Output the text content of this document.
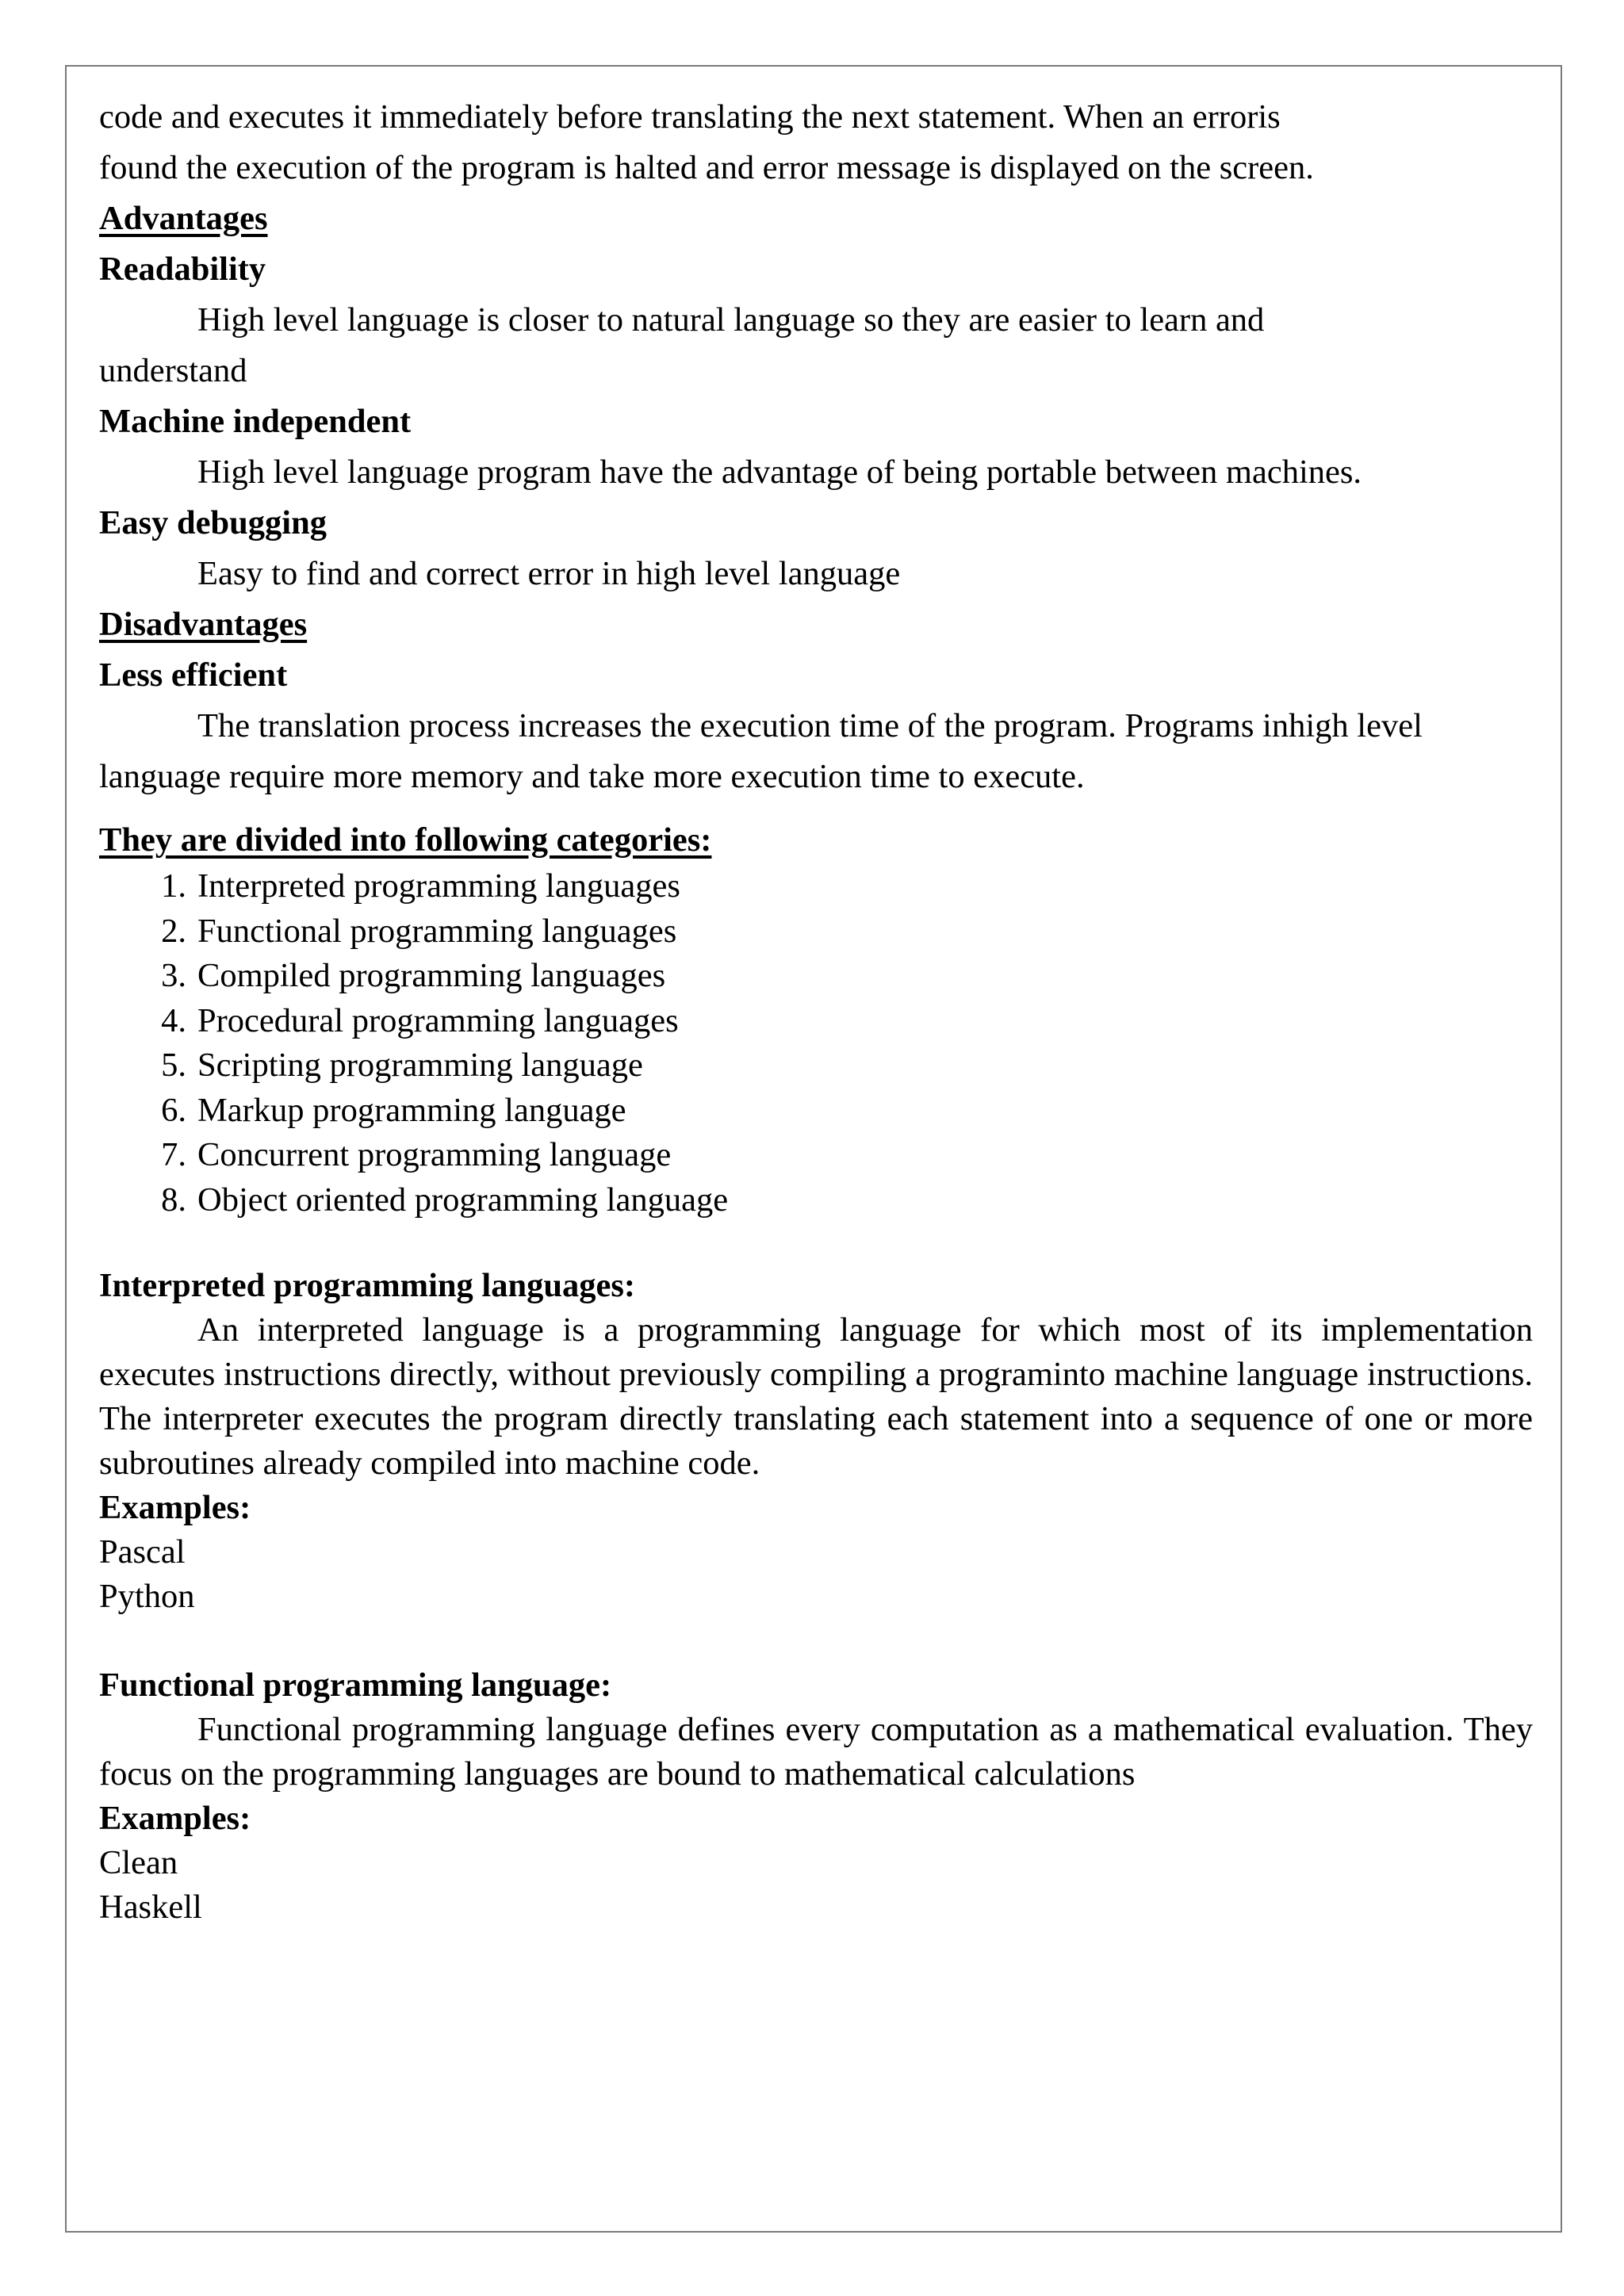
code and executes it immediately before translating the next statement. When an erroris

found the execution of the program is halted and error message is displayed on the screen.

Advantages

Readability

High level language is closer to natural language so they are easier to learn and understand

Machine independent

High level language program have the advantage of being portable between machines.

Easy debugging

Easy to find and correct error in high level language

Disadvantages

Less efficient

The translation process increases the execution time of the program. Programs inhigh level language require more memory and take more execution time to execute.

They are divided into following categories:

1. Interpreted programming languages
2. Functional programming languages
3. Compiled programming languages
4. Procedural programming languages
5. Scripting programming language
6. Markup programming language
7. Concurrent programming language
8. Object oriented programming language

Interpreted programming languages:

An interpreted language is a programming language for which most of its implementation executes instructions directly, without previously compiling a programinto machine language instructions. The interpreter executes the program directly translating each statement into a sequence of one or more subroutines already compiled into machine code.

Examples:

Pascal

Python

Functional programming language:

Functional programming language defines every computation as a mathematical evaluation. They focus on the programming languages are bound to mathematical calculations

Examples:

Clean

Haskell
